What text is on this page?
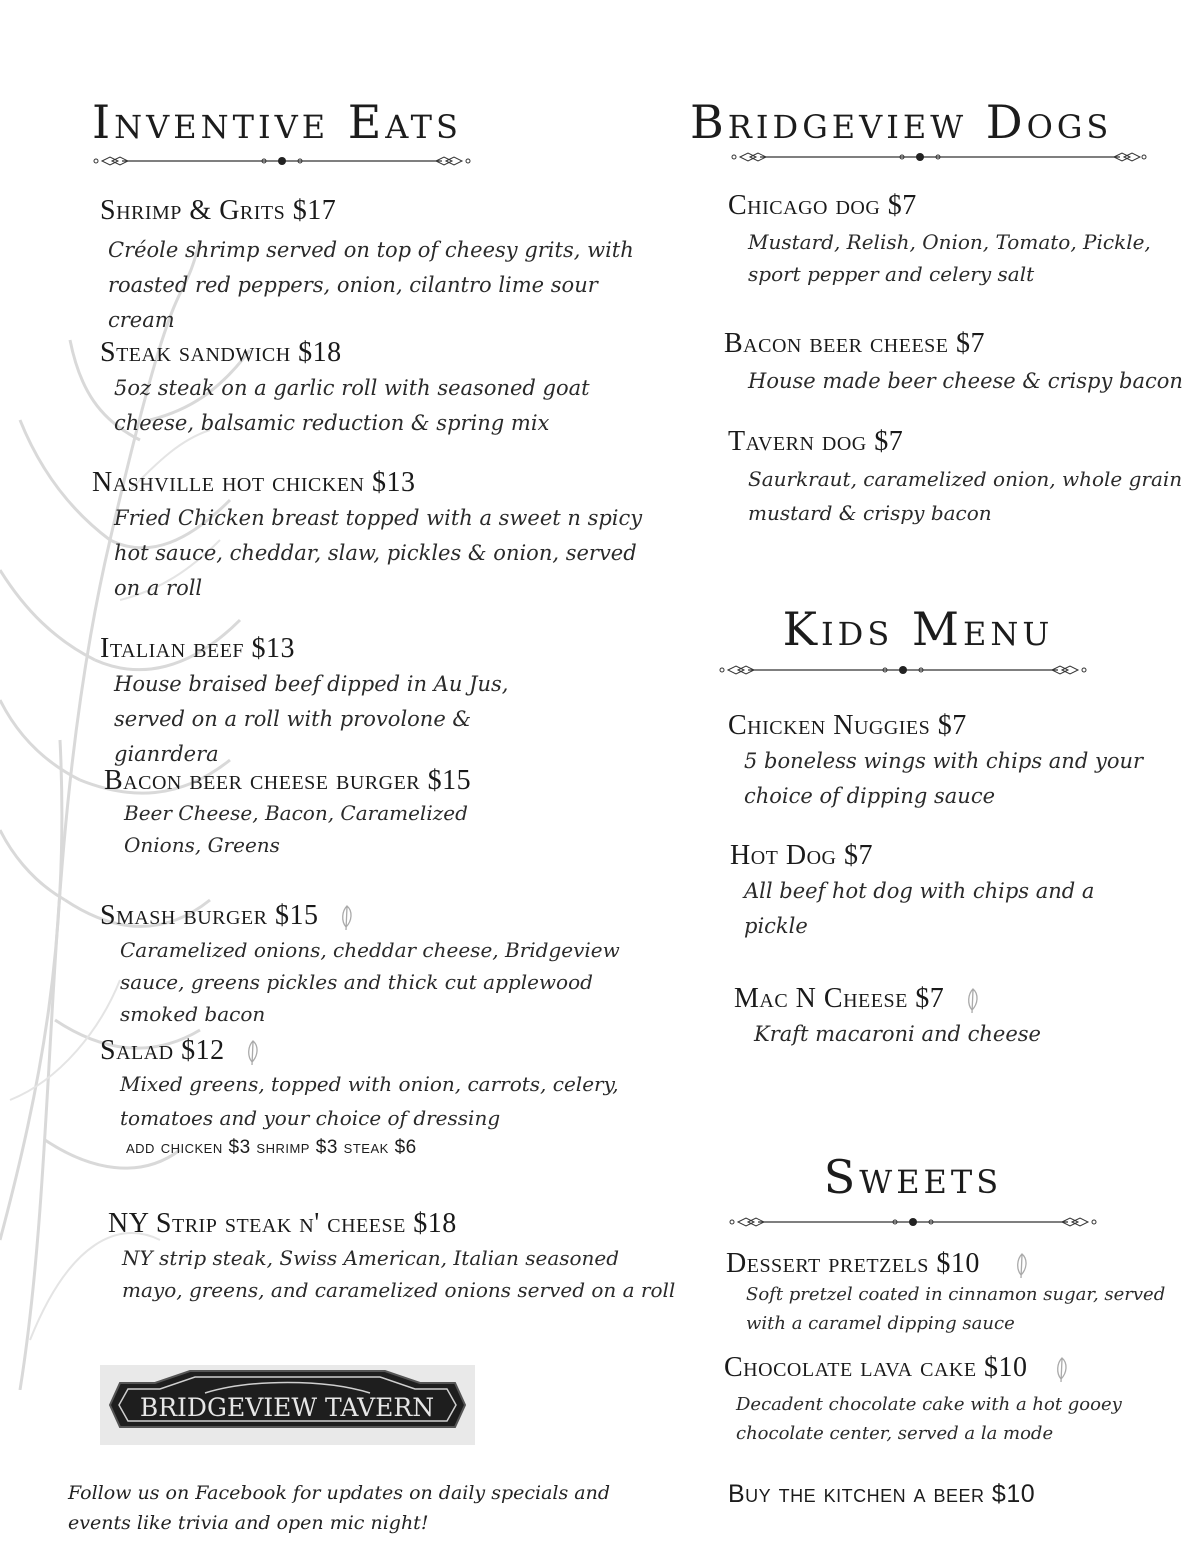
Inventive Eats
Shrimp & Grits $17
Créole shrimp served on top of cheesy grits, with roasted red peppers, onion, cilantro lime sour cream
Steak sandwich $18
5oz steak on a garlic roll with seasoned goat cheese, balsamic reduction & spring mix
Nashville hot chicken $13
Fried Chicken breast topped with a sweet n spicy hot sauce, cheddar, slaw, pickles & onion, served on a roll
Italian beef $13
House braised beef dipped in Au Jus, served on a roll with provolone & gianrdera
Bacon beer cheese burger $15
Beer Cheese, Bacon, Caramelized Onions, Greens
Smash burger $15
Caramelized onions, cheddar cheese, Bridgeview sauce, greens pickles and thick cut applewood smoked bacon
Salad $12
Mixed greens, topped with onion, carrots, celery, tomatoes and your choice of dressing
add chicken $3 shrimp $3 steak $6
NY Strip steak n' cheese $18
NY strip steak, Swiss American, Italian seasoned mayo, greens, and caramelized onions served on a roll
BRIDGEVIEW TAVERN
Follow us on Facebook for updates on daily specials and events like trivia and open mic night!
Bridgeview Dogs
Chicago dog $7
Mustard, Relish, Onion, Tomato, Pickle, sport pepper and celery salt
Bacon beer cheese $7
House made beer cheese & crispy bacon
Tavern dog $7
Saurkraut, caramelized onion, whole grain mustard & crispy bacon
Kids Menu
Chicken Nuggies $7
5 boneless wings with chips and your choice of dipping sauce
Hot Dog $7
All beef hot dog with chips and a pickle
Mac N Cheese $7
Kraft macaroni and cheese
Sweets
Dessert pretzels $10
Soft pretzel coated in cinnamon sugar, served with a caramel dipping sauce
Chocolate lava cake $10
Decadent chocolate cake with a hot gooey chocolate center, served a la mode
Buy the kitchen a beer $10
